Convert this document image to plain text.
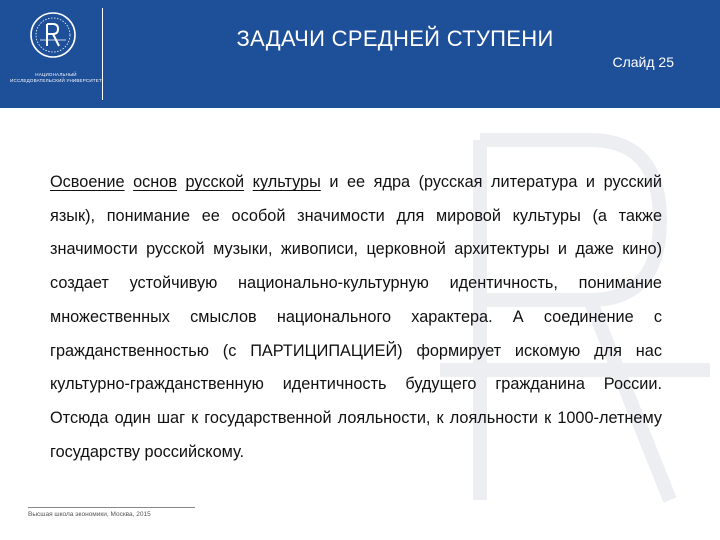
НАЦИОНАЛЬНЫЙ ИССЛЕДОВАТЕЛЬСКИЙ УНИВЕРСИТЕТ
ЗАДАЧИ СРЕДНЕЙ СТУПЕНИ
Слайд 25
Освоение основ русской культуры и ее ядра (русская литература и русский язык), понимание ее особой значимости для мировой культуры (а также значимости русской музыки, живописи, церковной архитектуры и даже кино) создает устойчивую национально-культурную идентичность, понимание множественных смыслов национального характера. А соединение с гражданственностью (с ПАРТИЦИПАЦИЕЙ) формирует искомую для нас культурно-гражданственную идентичность будущего гражданина России. Отсюда один шаг к государственной лояльности, к лояльности к 1000-летнему государству российскому.
Высшая школа экономики, Москва, 2015
